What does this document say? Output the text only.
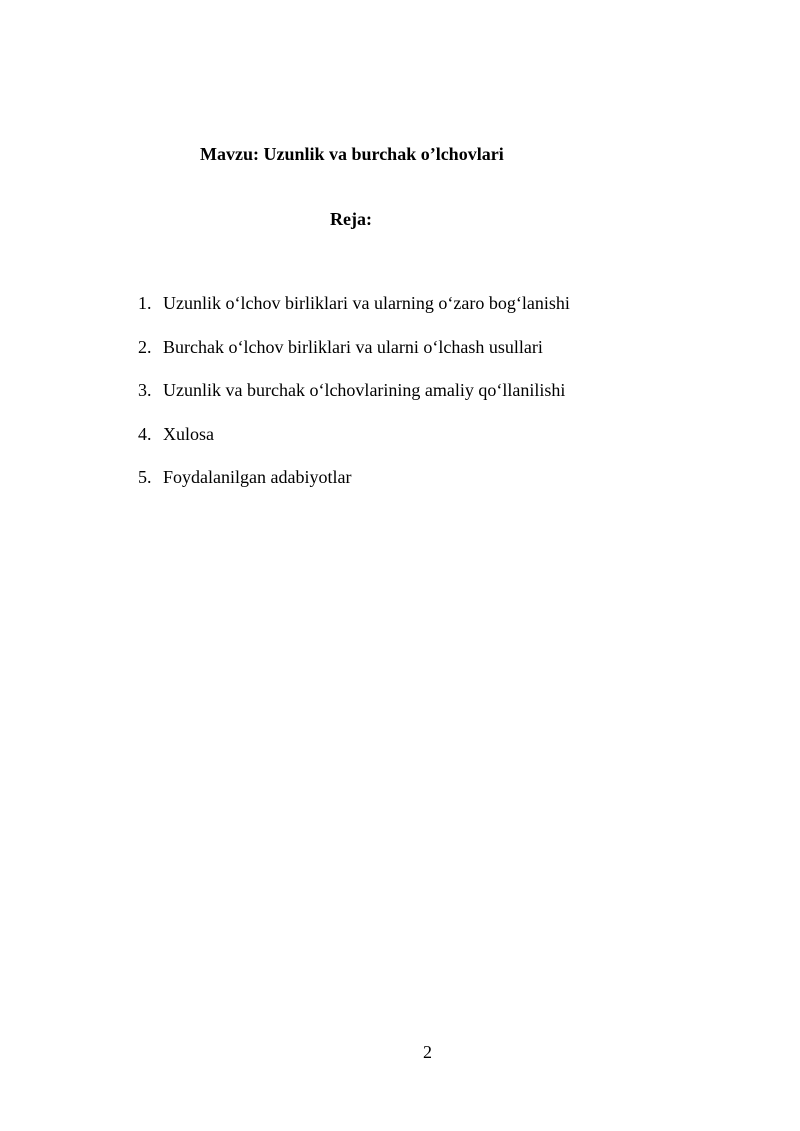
Mavzu: Uzunlik va burchak o’lchovlari
Reja:
1. Uzunlik o‘lchov birliklari va ularning o‘zaro bog‘lanishi
2. Burchak o‘lchov birliklari va ularni o‘lchash usullari
3. Uzunlik va burchak o‘lchovlarining amaliy qo‘llanilishi
4. Xulosa
5. Foydalanilgan adabiyotlar
2
